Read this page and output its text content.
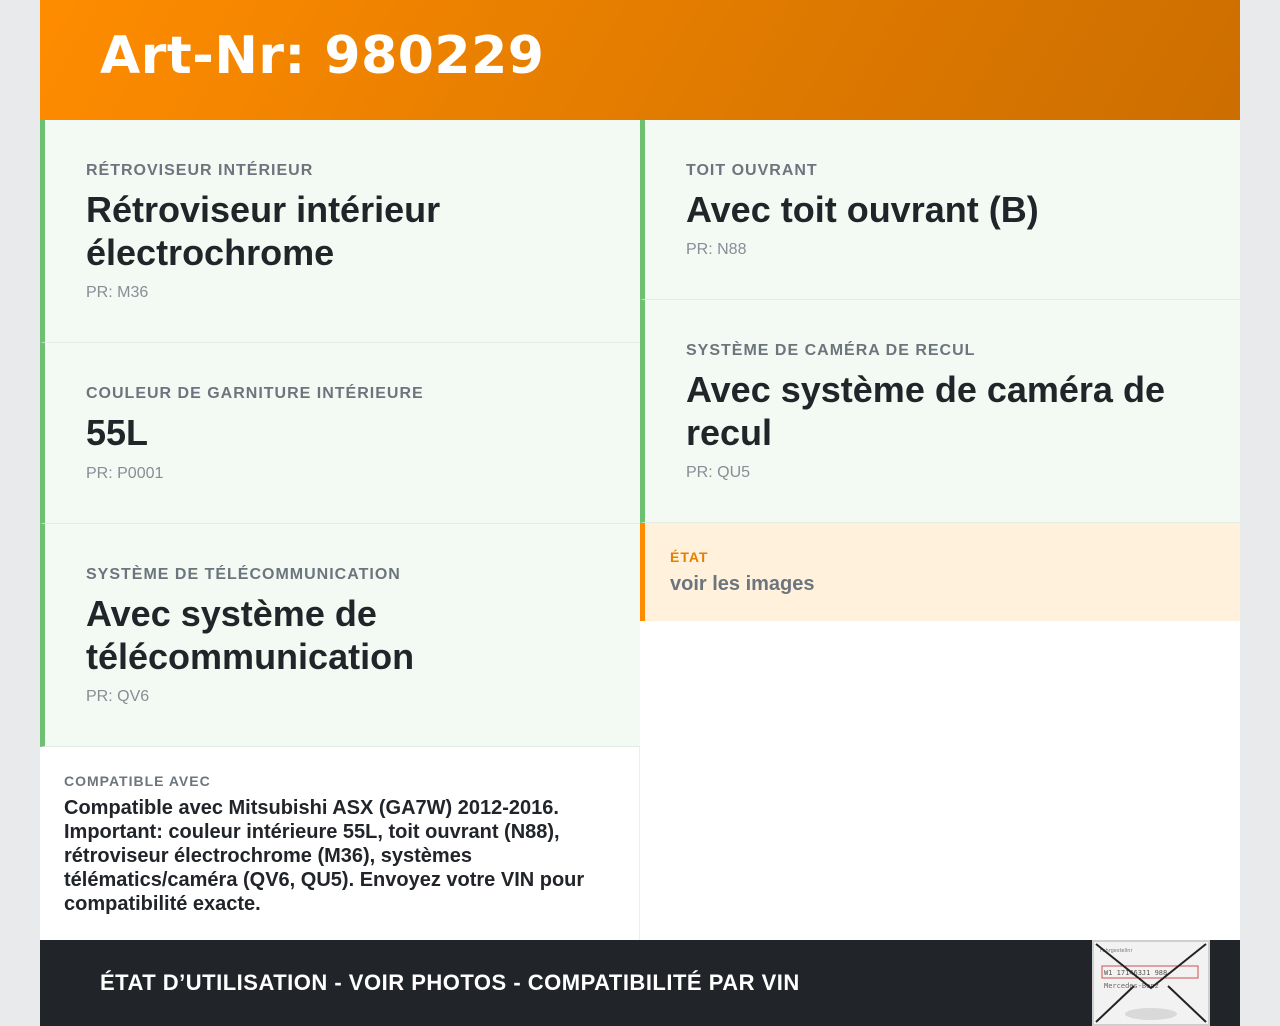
Art-Nr: 980229
RÉTROVISEUR INTÉRIEUR
Rétroviseur intérieur électrochrome
PR: M36
COULEUR DE GARNITURE INTÉRIEURE
55L
PR: P0001
SYSTÈME DE TÉLÉCOMMUNICATION
Avec système de télécommunication
PR: QV6
TOIT OUVRANT
Avec toit ouvrant (B)
PR: N88
SYSTÈME DE CAMÉRA DE RECUL
Avec système de caméra de recul
PR: QU5
ÉTAT
voir les images
COMPATIBLE AVEC
Compatible avec Mitsubishi ASX (GA7W) 2012-2016. Important: couleur intérieure 55L, toit ouvrant (N88), rétroviseur électrochrome (M36), systèmes télématics/caméra (QV6, QU5). Envoyez votre VIN pour compatibilité exacte.
ÉTAT D’UTILISATION - VOIR PHOTOS - COMPATIBILITÉ PAR VIN
Fahrgestellnr
W1 171463J1 988
Mercedes-Benz
